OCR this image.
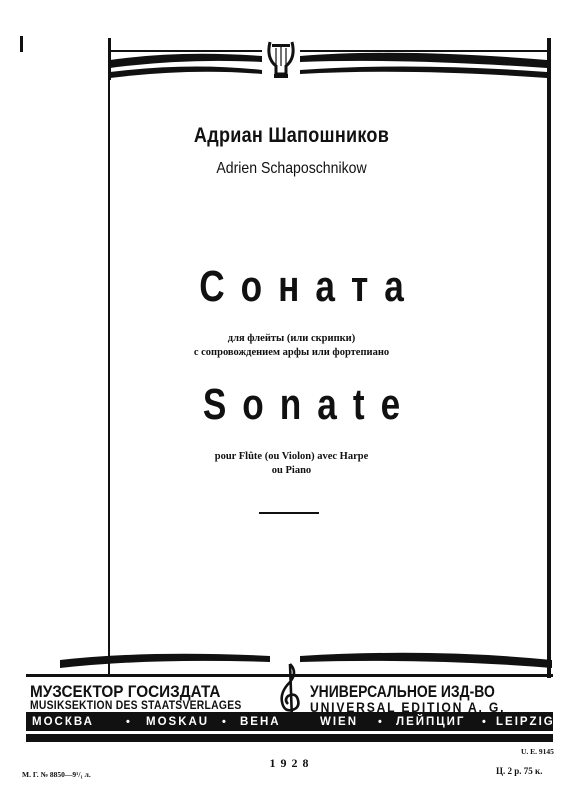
Адриан Шапошников
Adrien Schaposchnikow
Соната
для флейты (или скрипки)
с сопровождением арфы или фортепиано
Sonate
pour Flûte (ou Violon) avec Harpe
ou Piano
МУЗСЕКТОР ГОСИЗДАТА
MUSIKSEKTION DES STAATSVERLAGES
УНИВЕРСАЛЬНОЕ ИЗД-ВО
UNIVERSAL EDITION A. G.
МОСКВА	• MOSKAU • ВЕНА	WIEN • ЛЕЙПЦИГ • LEIPZIG
1928
U. E. 9145
М. Г. № 8850—9¹/₁ л.	Ц. 2 р. 75 к.
